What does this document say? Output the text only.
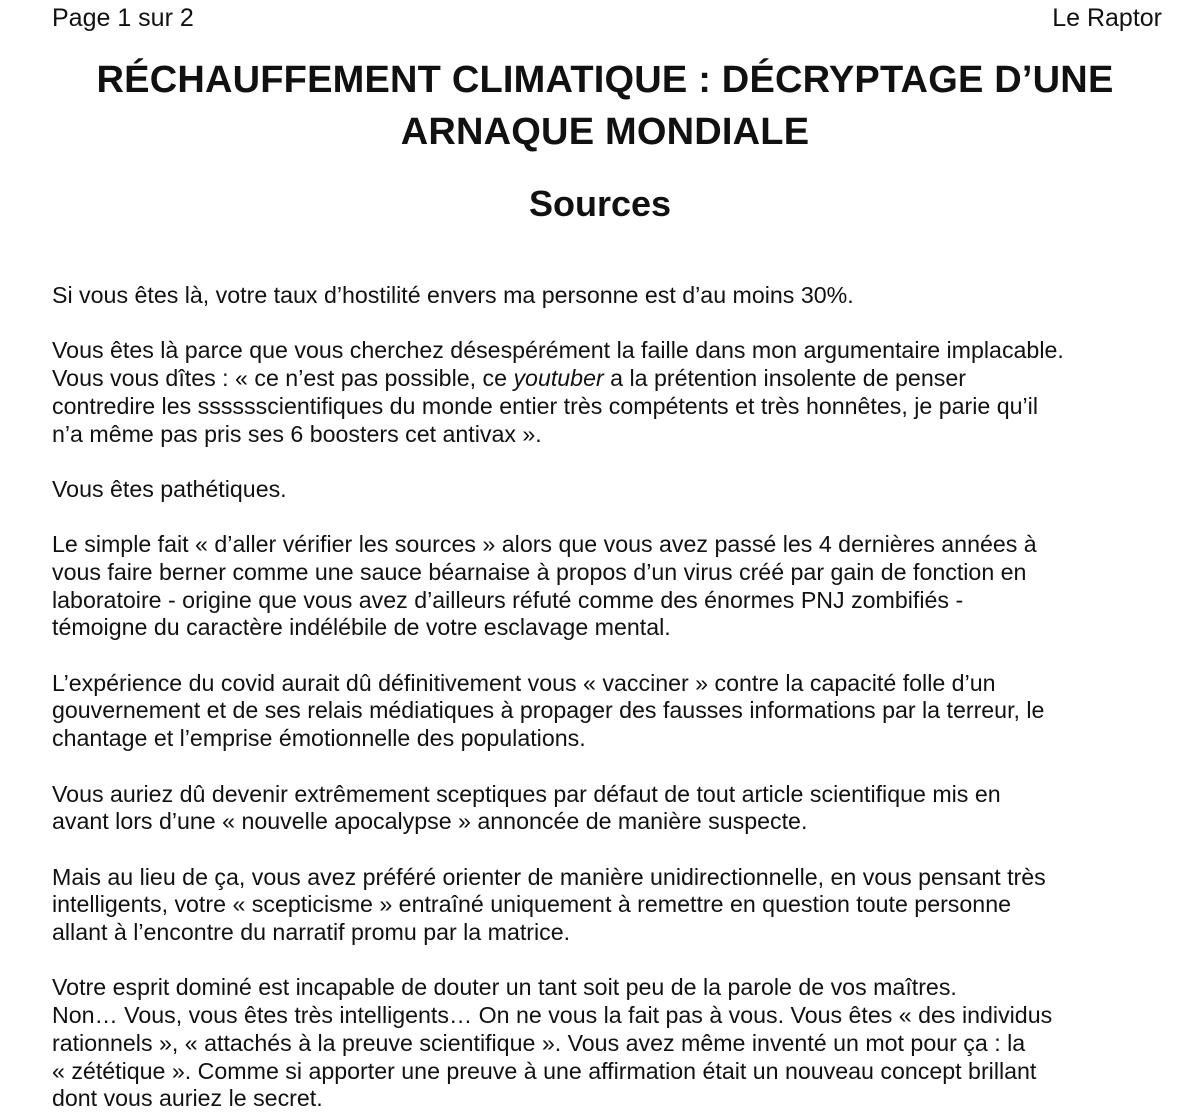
Page 1 sur 2	Le Raptor
RÉCHAUFFEMENT CLIMATIQUE : DÉCRYPTAGE D’UNE
ARNAQUE MONDIALE
Sources

Si vous êtes là, votre taux d’hostilité envers ma personne est d’au moins 30%.

Vous êtes là parce que vous cherchez désespérément la faille dans mon argumentaire implacable.
Vous vous dîtes : « ce n’est pas possible, ce youtuber a la prétention insolente de penser
contredire les sssssscientifiques du monde entier très compétents et très honnêtes, je parie qu’il
n’a même pas pris ses 6 boosters cet antivax ».

Vous êtes pathétiques.

Le simple fait « d’aller vérifier les sources » alors que vous avez passé les 4 dernières années à
vous faire berner comme une sauce béarnaise à propos d’un virus créé par gain de fonction en
laboratoire - origine que vous avez d’ailleurs réfuté comme des énormes PNJ zombifiés -
témoigne du caractère indélébile de votre esclavage mental.

L’expérience du covid aurait dû définitivement vous « vacciner » contre la capacité folle d’un
gouvernement et de ses relais médiatiques à propager des fausses informations par la terreur, le
chantage et l’emprise émotionnelle des populations.

Vous auriez dû devenir extrêmement sceptiques par défaut de tout article scientifique mis en
avant lors d’une « nouvelle apocalypse » annoncée de manière suspecte.

Mais au lieu de ça, vous avez préféré orienter de manière unidirectionnelle, en vous pensant très
intelligents, votre « scepticisme » entraîné uniquement à remettre en question toute personne
allant à l’encontre du narratif promu par la matrice.

Votre esprit dominé est incapable de douter un tant soit peu de la parole de vos maîtres.
Non… Vous, vous êtes très intelligents… On ne vous la fait pas à vous. Vous êtes « des individus
rationnels », « attachés à la preuve scientifique ». Vous avez même inventé un mot pour ça : la
« zététique ». Comme si apporter une preuve à une affirmation était un nouveau concept brillant
dont vous auriez le secret.
